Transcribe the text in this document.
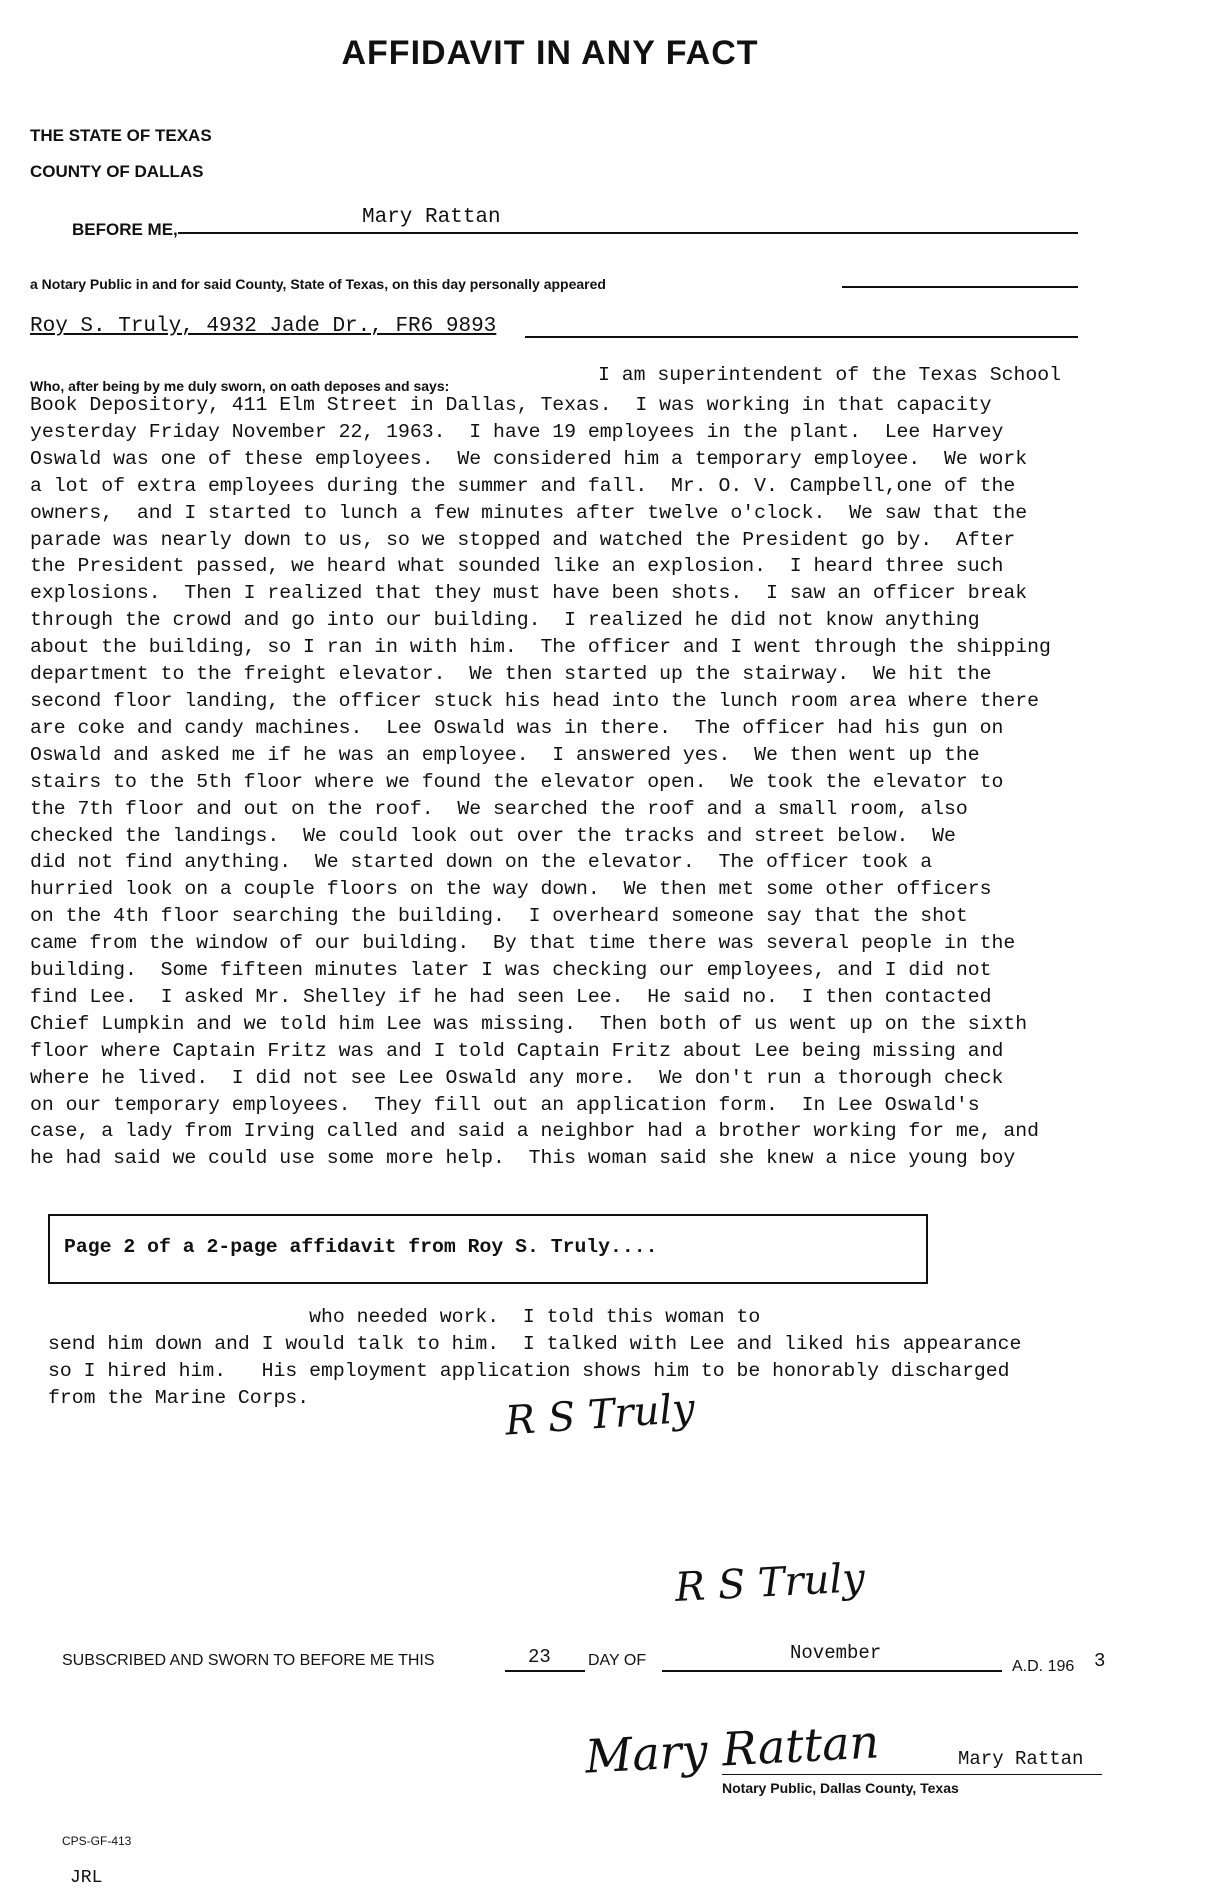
AFFIDAVIT IN ANY FACT
THE STATE OF TEXAS
COUNTY OF DALLAS
BEFORE ME,
Mary Rattan
a Notary Public in and for said County, State of Texas, on this day personally appeared
Roy S. Truly, 4932 Jade Dr., FR6 9893
Who, after being by me duly sworn, on oath deposes and says:	I am superintendent of the Texas School
Book Depository, 411 Elm Street in Dallas, Texas.  I was working in that capacity
yesterday Friday November 22, 1963.  I have 19 employees in the plant.  Lee Harvey
Oswald was one of these employees.  We considered him a temporary employee.  We work
a lot of extra employees during the summer and fall.  Mr. O. V. Campbell,one of the
owners,  and I started to lunch a few minutes after twelve o'clock.  We saw that the
parade was nearly down to us, so we stopped and watched the President go by.  After
the President passed, we heard what sounded like an explosion.  I heard three such
explosions.  Then I realized that they must have been shots.  I saw an officer break
through the crowd and go into our building.  I realized he did not know anything
about the building, so I ran in with him.  The officer and I went through the shipping
department to the freight elevator.  We then started up the stairway.  We hit the
second floor landing, the officer stuck his head into the lunch room area where there
are coke and candy machines.  Lee Oswald was in there.  The officer had his gun on
Oswald and asked me if he was an employee.  I answered yes.  We then went up the
stairs to the 5th floor where we found the elevator open.  We took the elevator to
the 7th floor and out on the roof.  We searched the roof and a small room, also
checked the landings.  We could look out over the tracks and street below.  We
did not find anything.  We started down on the elevator.  The officer took a
hurried look on a couple floors on the way down.  We then met some other officers
on the 4th floor searching the building.  I overheard someone say that the shot
came from the window of our building.  By that time there was several people in the
building.  Some fifteen minutes later I was checking our employees, and I did not
find Lee.  I asked Mr. Shelley if he had seen Lee.  He said no.  I then contacted
Chief Lumpkin and we told him Lee was missing.  Then both of us went up on the sixth
floor where Captain Fritz was and I told Captain Fritz about Lee being missing and
where he lived.  I did not see Lee Oswald any more.  We don't run a thorough check
on our temporary employees.  They fill out an application form.  In Lee Oswald's
case, a lady from Irving called and said a neighbor had a brother working for me, and
he had said we could use some more help.  This woman said she knew a nice young boy
Page 2 of a 2-page affidavit from Roy S. Truly....
who needed work.  I told this woman to
send him down and I would talk to him.  I talked with Lee and liked his appearance
so I hired him.   His employment application shows him to be honorably discharged
from the Marine Corps.	R S Truly
R S Truly
SUBSCRIBED AND SWORN TO BEFORE ME THIS	23 DAY OF	November
A.D. 196 3
Mary Rattan	Mary Rattan
Notary Public, Dallas County, Texas
CPS-GF-413
JRL
